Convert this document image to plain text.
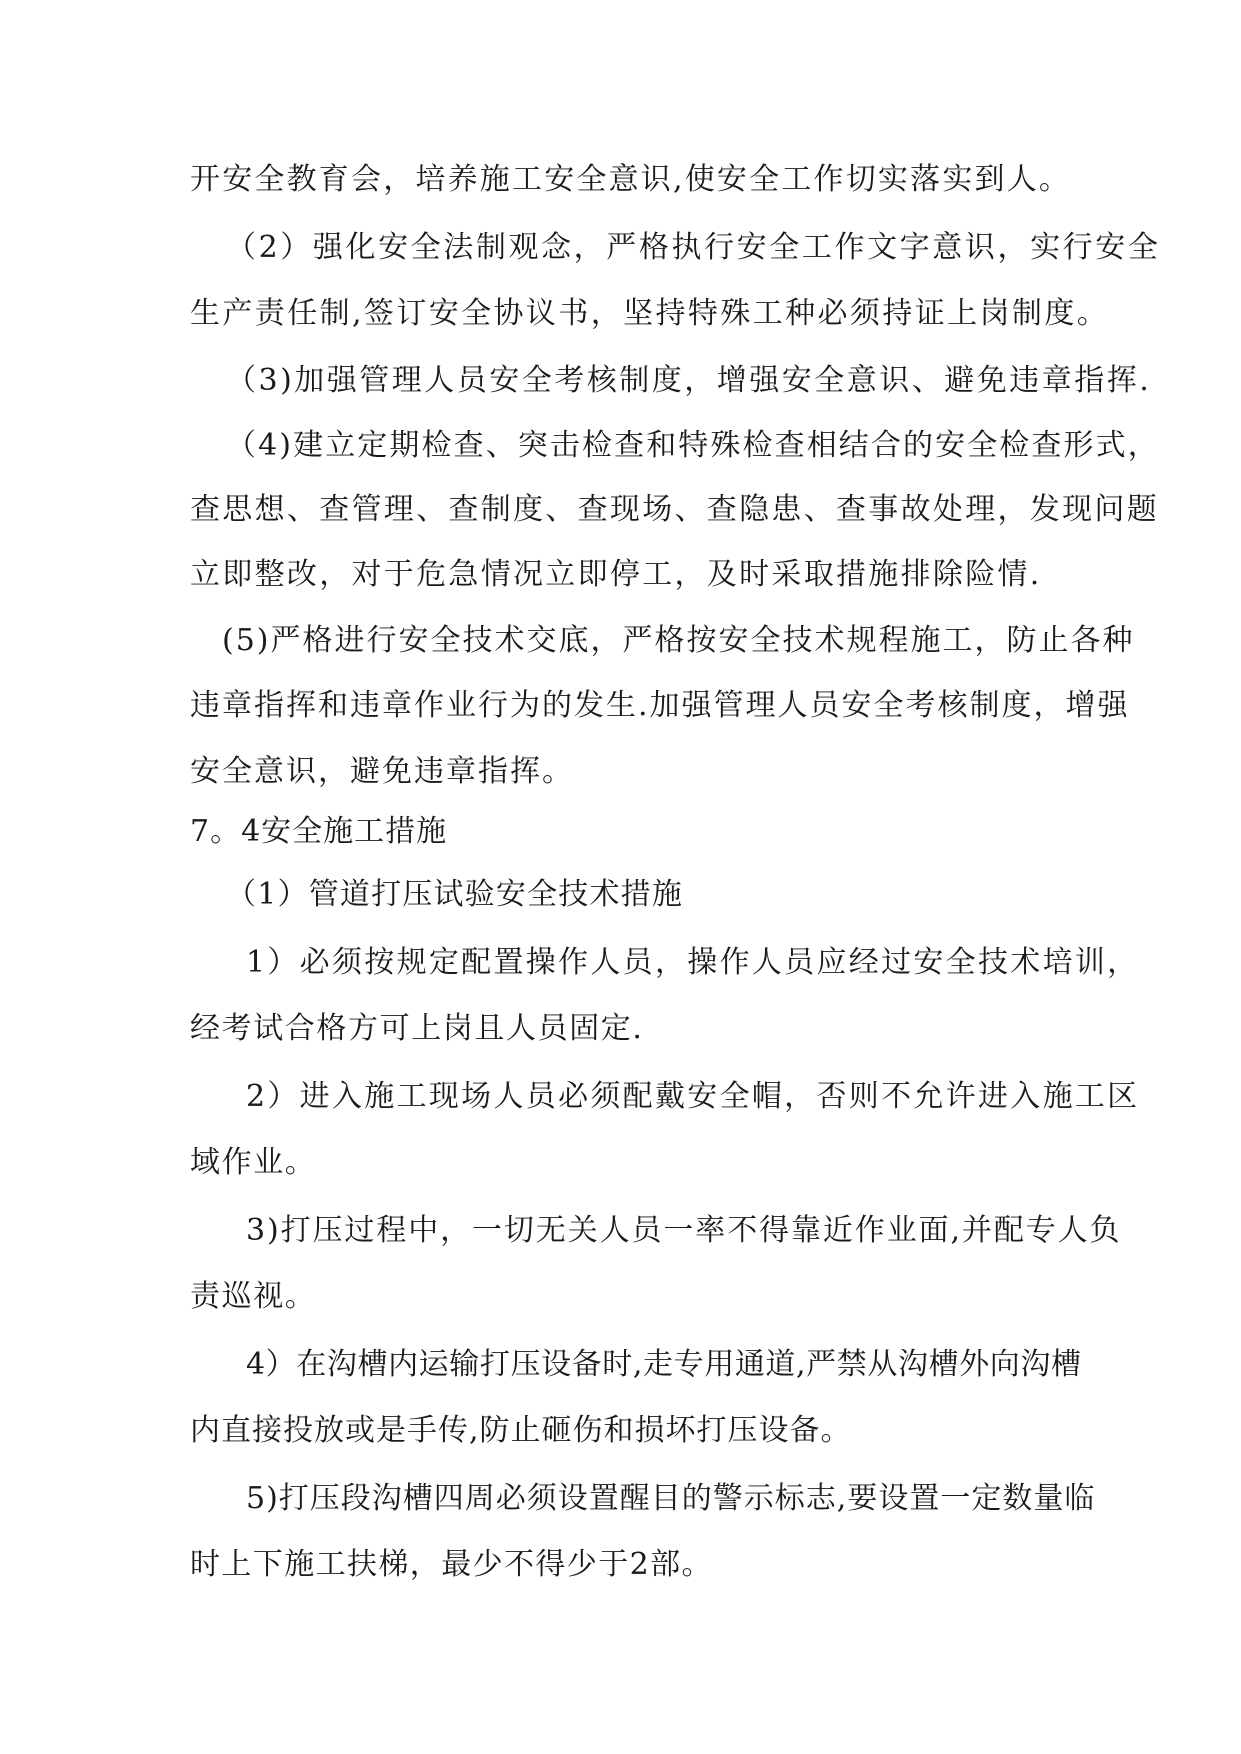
开安全教育会，培养施工安全意识,使安全工作切实落实到人。
（2）强化安全法制观念，严格执行安全工作文字意识，实行安全
生产责任制,签订安全协议书，坚持特殊工种必须持证上岗制度。
（3)加强管理人员安全考核制度，增强安全意识、避免违章指挥.
（4)建立定期检查、突击检查和特殊检查相结合的安全检查形式，
查思想、查管理、查制度、查现场、查隐患、查事故处理，发现问题
立即整改，对于危急情况立即停工，及时采取措施排除险情.
(5)严格进行安全技术交底，严格按安全技术规程施工，防止各种
违章指挥和违章作业行为的发生.加强管理人员安全考核制度，增强
安全意识，避免违章指挥。
7。4安全施工措施
（1）管道打压试验安全技术措施
1）必须按规定配置操作人员，操作人员应经过安全技术培训，
经考试合格方可上岗且人员固定.
2）进入施工现场人员必须配戴安全帽，否则不允许进入施工区
域作业。
3)打压过程中，一切无关人员一率不得靠近作业面,并配专人负
责巡视。
4）在沟槽内运输打压设备时,走专用通道,严禁从沟槽外向沟槽
内直接投放或是手传,防止砸伤和损坏打压设备。
5)打压段沟槽四周必须设置醒目的警示标志,要设置一定数量临
时上下施工扶梯，最少不得少于2部。
